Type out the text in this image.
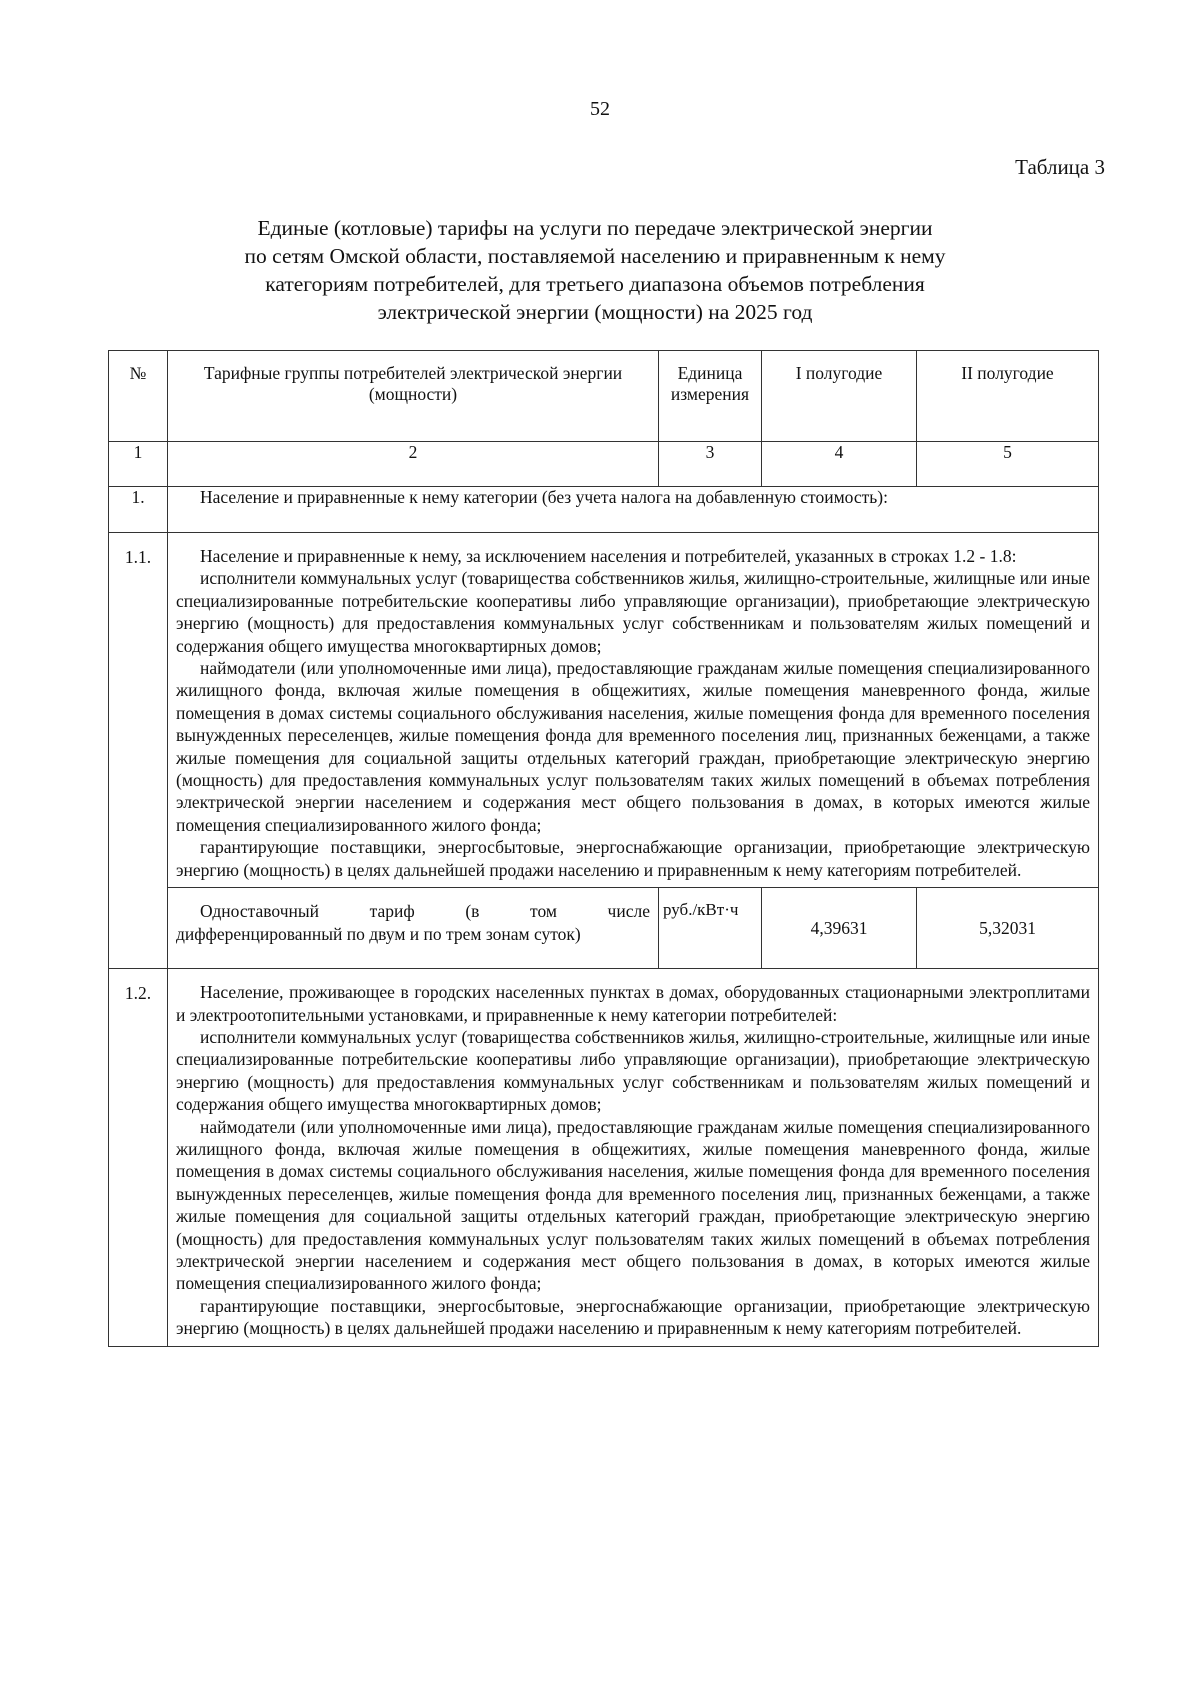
52
Таблица 3
Единые (котловые) тарифы на услуги по передаче электрической энергии
по сетям Омской области, поставляемой населению и приравненным к нему
категориям потребителей, для третьего диапазона объемов потребления
электрической энергии (мощности) на 2025 год
№	Тарифные группы потребителей электрической энергии (мощности)	Единица измерения	I полугодие	II полугодие

1	2	3	4	5
1.	Население и приравненные к нему категории (без учета налога на добавленную стоимость):			
1.1.	Население и приравненные к нему, за исключением населения и потребителей, указанных в строках 1.2 - 1.8:

исполнители коммунальных услуг (товарищества собственников жилья, жилищно-строительные, жилищные или иные специализированные потребительские кооперативы либо управляющие организации), приобретающие электрическую энергию (мощность) для предоставления коммунальных услуг собственникам и пользователям жилых помещений и содержания общего имущества многоквартирных домов;

наймодатели (или уполномоченные ими лица), предоставляющие гражданам жилые помещения специализированного жилищного фонда, включая жилые помещения в общежитиях, жилые помещения маневренного фонда, жилые помещения в домах системы социального обслуживания населения, жилые помещения фонда для временного поселения вынужденных переселенцев, жилые помещения фонда для временного поселения лиц, признанных беженцами, а также жилые помещения для социальной защиты отдельных категорий граждан, приобретающие электрическую энергию (мощность) для предоставления коммунальных услуг пользователям таких жилых помещений в объемах потребления электрической энергии населением и содержания мест общего пользования в домах, в которых имеются жилые помещения специализированного жилого фонда;

гарантирующие поставщики, энергосбытовые, энергоснабжающие организации, приобретающие электрическую энергию (мощность) в целях дальнейшей продажи населению и приравненным к нему категориям потребителей.			

	Одноставочный тариф (в том числе
дифференцированный по двум и по трем зонам суток)	руб./кВт·ч	4,39631	5,32031
1.2.	Население, проживающее в городских населенных пунктах в домах, оборудованных стационарными электроплитами и электроотопительными установками, и приравненные к нему категории потребителей:

исполнители коммунальных услуг (товарищества собственников жилья, жилищно-строительные, жилищные или иные специализированные потребительские кооперативы либо управляющие организации), приобретающие электрическую энергию (мощность) для предоставления коммунальных услуг собственникам и пользователям жилых помещений и содержания общего имущества многоквартирных домов;

наймодатели (или уполномоченные ими лица), предоставляющие гражданам жилые помещения специализированного жилищного фонда, включая жилые помещения в общежитиях, жилые помещения маневренного фонда, жилые помещения в домах системы социального обслуживания населения, жилые помещения фонда для временного поселения вынужденных переселенцев, жилые помещения фонда для временного поселения лиц, признанных беженцами, а также жилые помещения для социальной защиты отдельных категорий граждан, приобретающие электрическую энергию (мощность) для предоставления коммунальных услуг пользователям таких жилых помещений в объемах потребления электрической энергии населением и содержания мест общего пользования в домах, в которых имеются жилые помещения специализированного жилого фонда;

гарантирующие поставщики, энергосбытовые, энергоснабжающие организации, приобретающие электрическую энергию (мощность) в целях дальнейшей продажи населению и приравненным к нему категориям потребителей.			
